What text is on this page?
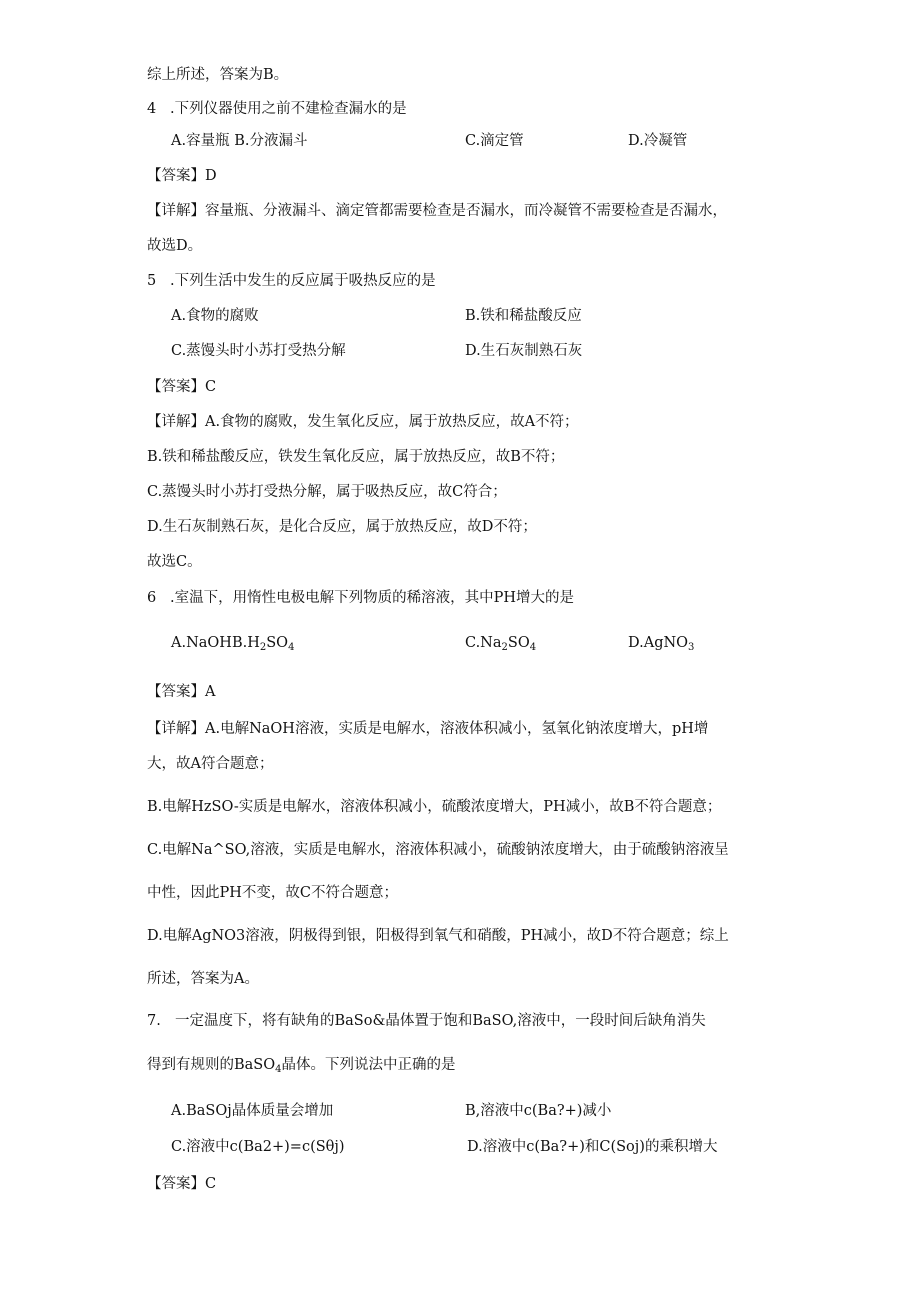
综上所述，答案为B。
4 .下列仪器使用之前不建检查漏水的是
A.容量瓶 B.分液漏斗	C.滴定管	D.冷凝管
【答案】D
【详解】容量瓶、分液漏斗、滴定管都需要检查是否漏水，而冷凝管不需要检查是否漏水，
故选D。
5 .下列生活中发生的反应属于吸热反应的是
A.食物的腐败	B.铁和稀盐酸反应
C.蒸馒头时小苏打受热分解	D.生石灰制熟石灰
【答案】C
【详解】A.食物的腐败，发生氧化反应，属于放热反应，故A不符；
B.铁和稀盐酸反应，铁发生氧化反应，属于放热反应，故B不符；
C.蒸馒头时小苏打受热分解，属于吸热反应，故C符合；
D.生石灰制熟石灰，是化合反应，属于放热反应，故D不符；
故选C。
6 .室温下，用惰性电极电解下列物质的稀溶液，其中PH增大的是
$A.NaOHB.H_2SO_4$	$C.Na_2SO_4$	D.AgNO$_3$
【答案】A
【详解】A.电解NaOH溶液，实质是电解水，溶液体积减小，氢氧化钠浓度增大，pH增
大，故A符合题意；
B.电解HzSO-实质是电解水，溶液体积减小，硫酸浓度增大，PH减小，故B不符合题意；
C.电解Na^SO,溶液，实质是电解水，溶液体积减小，硫酸钠浓度增大，由于硫酸钠溶液呈
中性，因此PH不变，故C不符合题意；
D.电解AgNO3溶液，阴极得到银，阳极得到氧气和硝酸，PH减小，故D不符合题意；综上
所述，答案为A。
7. 一定温度下，将有缺角的BaSo&晶体置于饱和BaSO,溶液中，一段时间后缺角消失
得到有规则的BaSO$_4$晶体。下列说法中正确的是
A.BaSOj晶体质量会增加	B,溶液中c(Ba?+)减小
C.溶液中c(Ba2+)=c(Sθj)	D.溶液中c(Ba?+)和C(Soj)的乘积增大
【答案】C
